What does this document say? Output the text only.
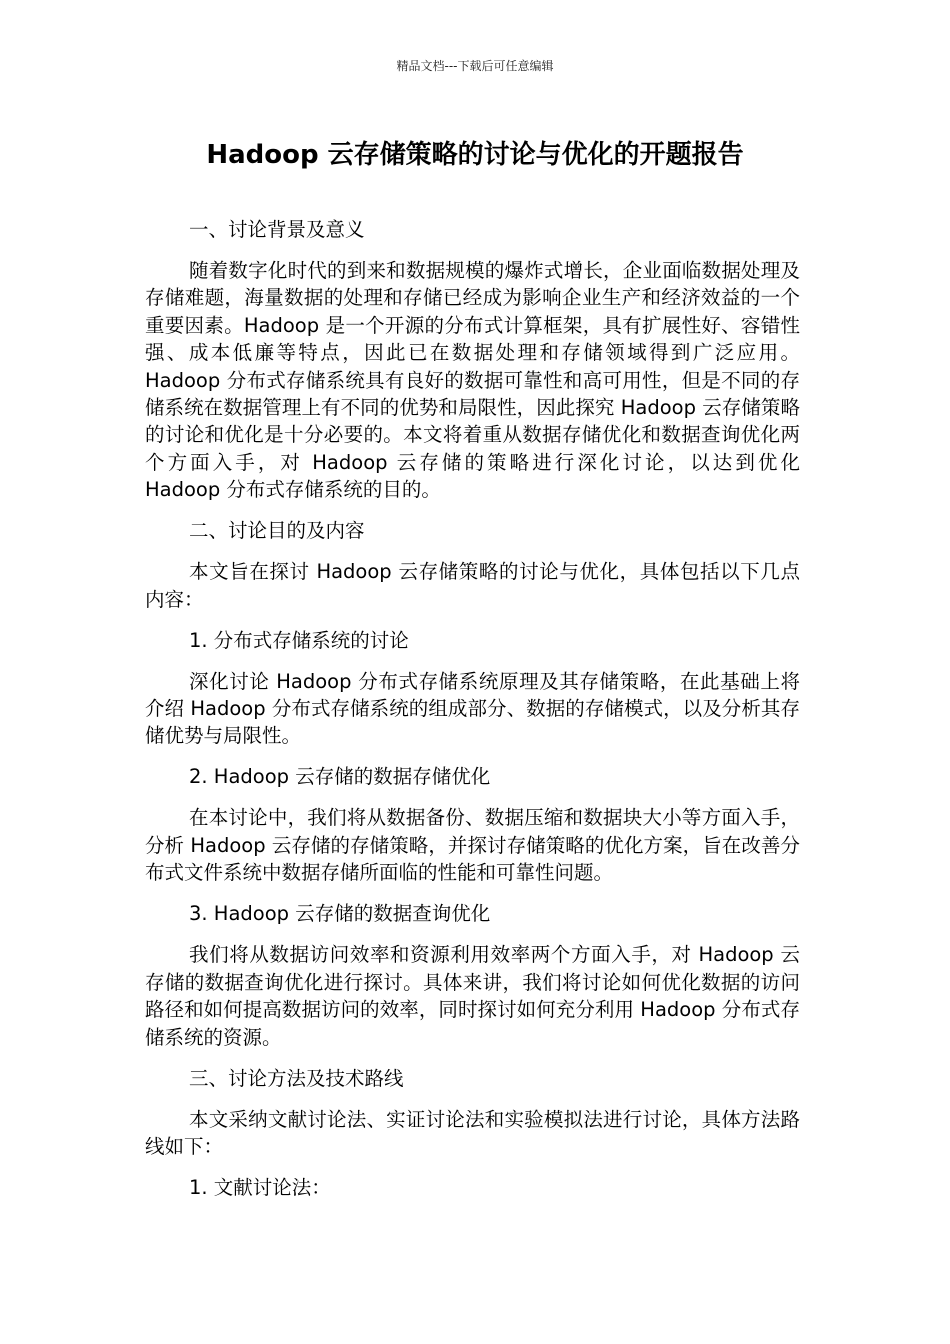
精品文档---下载后可任意编辑
Hadoop 云存储策略的讨论与优化的开题报告

一、讨论背景及意义

随着数字化时代的到来和数据规模的爆炸式增长，企业面临数据处理及存储难题，海量数据的处理和存储已经成为影响企业生产和经济效益的一个重要因素。Hadoop 是一个开源的分布式计算框架，具有扩展性好、容错性强、成本低廉等特点，因此已在数据处理和存储领域得到广泛应用。Hadoop 分布式存储系统具有良好的数据可靠性和高可用性，但是不同的存储系统在数据管理上有不同的优势和局限性，因此探究 Hadoop 云存储策略的讨论和优化是十分必要的。本文将着重从数据存储优化和数据查询优化两个方面入手，对 Hadoop 云存储的策略进行深化讨论，以达到优化 Hadoop 分布式存储系统的目的。

二、讨论目的及内容

本文旨在探讨 Hadoop 云存储策略的讨论与优化，具体包括以下几点内容：

1. 分布式存储系统的讨论

深化讨论 Hadoop 分布式存储系统原理及其存储策略，在此基础上将介绍 Hadoop 分布式存储系统的组成部分、数据的存储模式，以及分析其存储优势与局限性。

2. Hadoop 云存储的数据存储优化

在本讨论中，我们将从数据备份、数据压缩和数据块大小等方面入手，分析 Hadoop 云存储的存储策略，并探讨存储策略的优化方案，旨在改善分布式文件系统中数据存储所面临的性能和可靠性问题。

3. Hadoop 云存储的数据查询优化

我们将从数据访问效率和资源利用效率两个方面入手，对 Hadoop 云存储的数据查询优化进行探讨。具体来讲，我们将讨论如何优化数据的访问路径和如何提高数据访问的效率，同时探讨如何充分利用 Hadoop 分布式存储系统的资源。

三、讨论方法及技术路线

本文采纳文献讨论法、实证讨论法和实验模拟法进行讨论，具体方法路线如下：

1. 文献讨论法：
